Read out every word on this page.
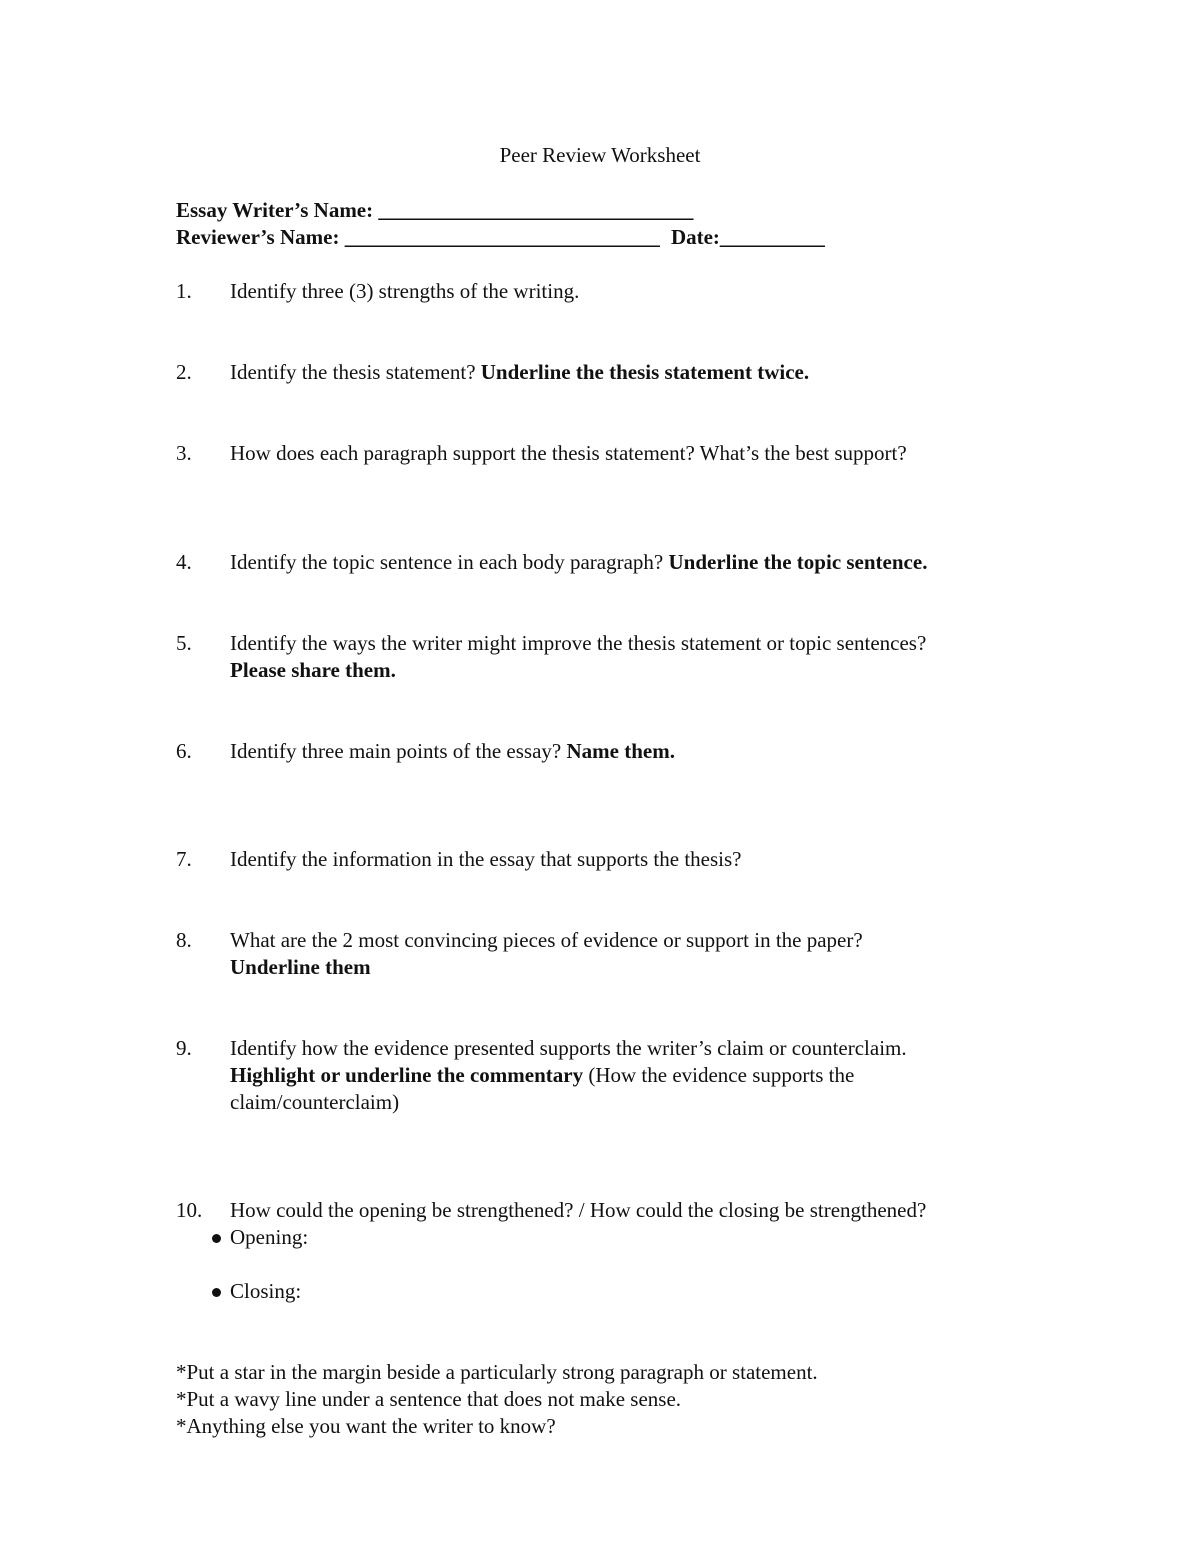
Peer Review Worksheet
Essay Writer’s Name: ______________________________
Reviewer’s Name: ______________________________ Date:__________
1. Identify three (3) strengths of the writing.
2. Identify the thesis statement? Underline the thesis statement twice.
3. How does each paragraph support the thesis statement? What’s the best support?
4. Identify the topic sentence in each body paragraph? Underline the topic sentence.
5. Identify the ways the writer might improve the thesis statement or topic sentences?
Please share them.
6. Identify three main points of the essay? Name them.
7. Identify the information in the essay that supports the thesis?
8. What are the 2 most convincing pieces of evidence or support in the paper?
Underline them
9. Identify how the evidence presented supports the writer’s claim or counterclaim.
Highlight or underline the commentary (How the evidence supports the
claim/counterclaim)
10. How could the opening be strengthened? / How could the closing be strengthened?
Opening:
Closing:
*Put a star in the margin beside a particularly strong paragraph or statement.
*Put a wavy line under a sentence that does not make sense.
*Anything else you want the writer to know?
